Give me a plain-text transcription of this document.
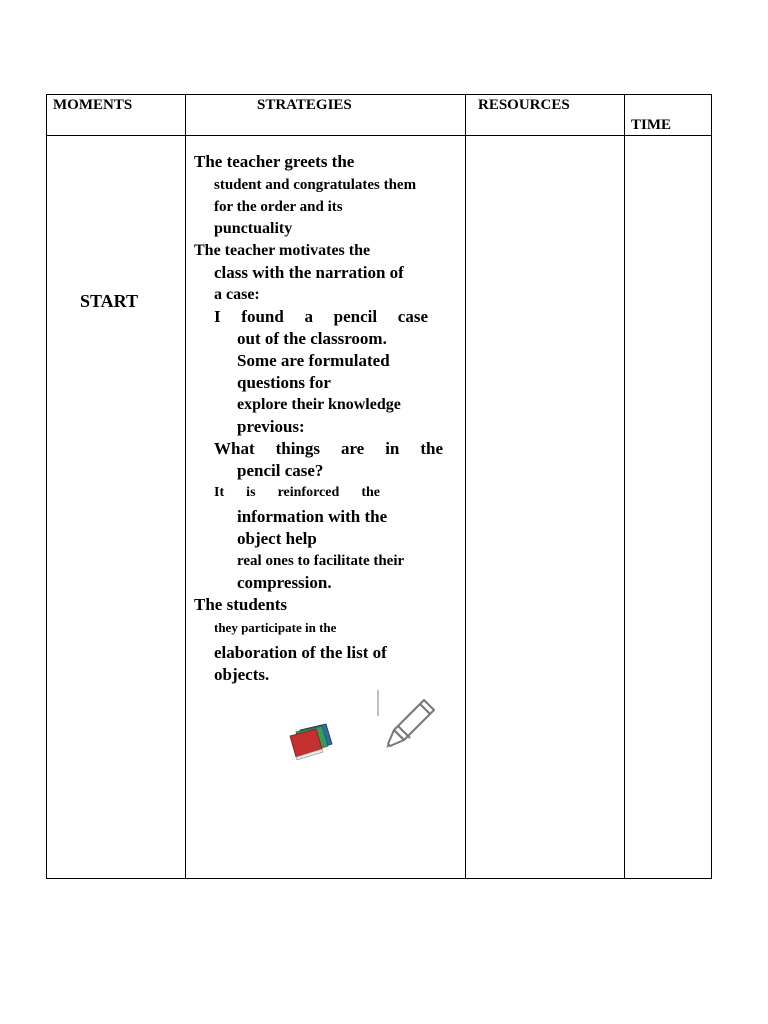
MOMENTS	STRATEGIES	RESOURCES
TIME
START
The teacher greets the
student and congratulates them
for the order and its
punctuality
The teacher motivates the
class with the narration of
a case:
I found a pencil case
out of the classroom.
Some are formulated
questions for
explore their knowledge
previous:
What things are in the
pencil case?
It is reinforced the
information with the
object help
real ones to facilitate their
compression.
The students
they participate in the
elaboration of the list of
objects.
